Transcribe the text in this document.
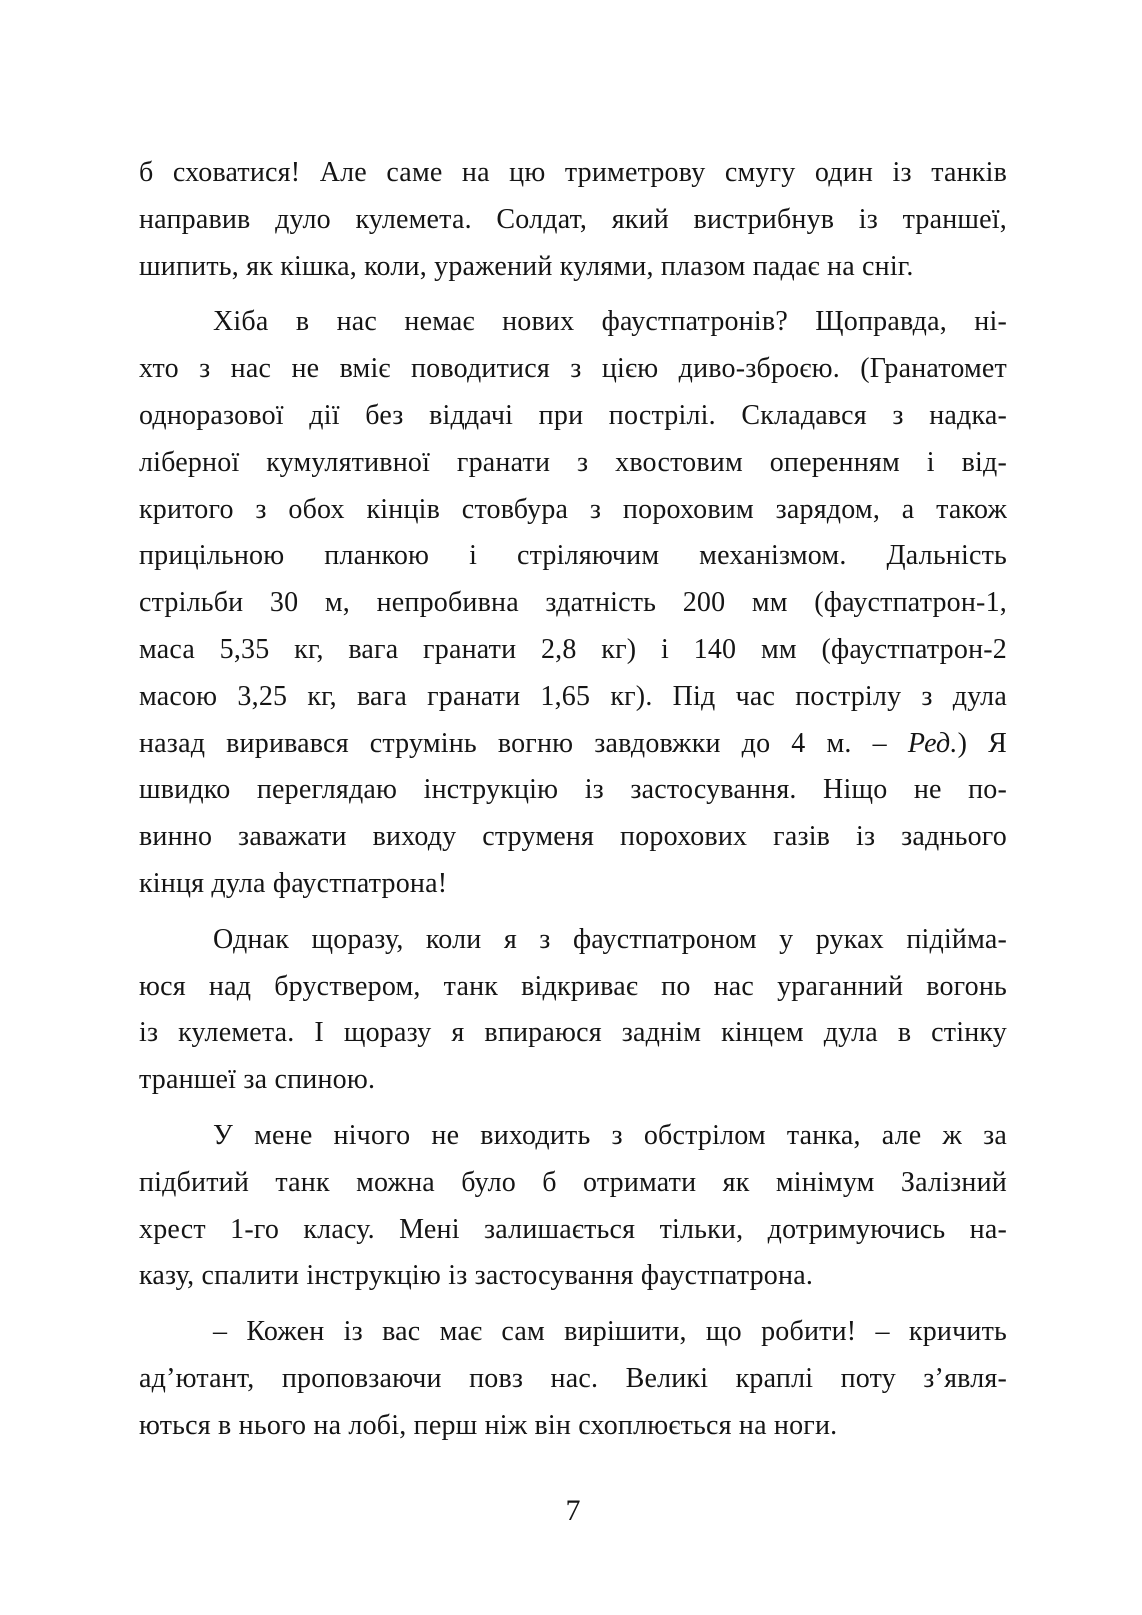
б сховатися! Але саме на цю триметрову смугу один із танків
направив дуло кулемета. Солдат, який вистрибнув із траншеї,
шипить, як кішка, коли, уражений кулями, плазом падає на сніг.
Хіба в нас немає нових фаустпатронів? Щоправда, ні-
хто з нас не вміє поводитися з цією диво-зброєю. (Гранатомет
одноразової дії без віддачі при пострілі. Складався з надка-
ліберної кумулятивної гранати з хвостовим оперенням і від-
критого з обох кінців стовбура з пороховим зарядом, а також
прицільною планкою і стріляючим механізмом. Дальність
стрільби 30 м, непробивна здатність 200 мм (фаустпатрон-1,
маса 5,35 кг, вага гранати 2,8 кг) і 140 мм (фаустпатрон-2
масою 3,25 кг, вага гранати 1,65 кг). Під час пострілу з дула
назад виривався струмінь вогню завдовжки до 4 м. – Ред.) Я
швидко переглядаю інструкцію із застосування. Ніщо не по-
винно заважати виходу струменя порохових газів із заднього
кінця дула фаустпатрона!
Однак щоразу, коли я з фаустпатроном у руках підійма-
юся над бруствером, танк відкриває по нас ураганний вогонь
із кулемета. І щоразу я впираюся заднім кінцем дула в стінку
траншеї за спиною.
У мене нічого не виходить з обстрілом танка, але ж за
підбитий танк можна було б отримати як мінімум Залізний
хрест 1-го класу. Мені залишається тільки, дотримуючись на-
казу, спалити інструкцію із застосування фаустпатрона.
– Кожен із вас має сам вирішити, що робити! – кричить
ад’ютант, проповзаючи повз нас. Великі краплі поту з’явля-
ються в нього на лобі, перш ніж він схоплюється на ноги.
7
